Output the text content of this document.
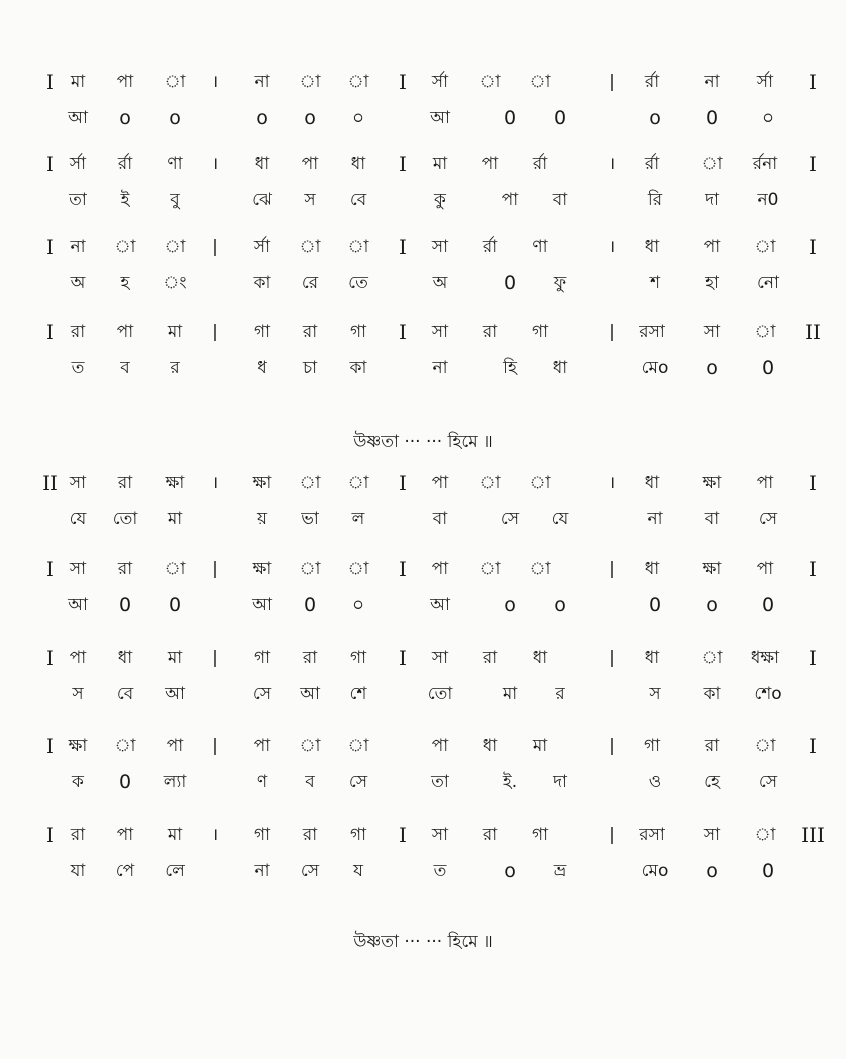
I মা পা া । না া া I র্সা া া	| র্রা	না র্সা I
আ o o	o o ০	আ	0 0	o 0 ০
I র্সা র্রা ণা । ধা পা ধা I মা পা র্রা	। র্রা া র্রনা I
তা ই বু	ঝে স বে	কু	পা বা	রি	দা ন0
I না া া | র্সা া া I সা র্রা ণা	। ধা	পা া I
অ হ ং	কা রে তে	অ	0 ফু	শ	হা নো
I রা পা মা | গা রা গা I সা রা গা	| রসা সা া II
ত ব র	ধ চা কা	না	হি ধা	মেo o 0
উষ্ণতা ··· ··· হিমে ॥
II সা রা ক্ষা । ক্ষা া া I পা া া	। ধা	ক্ষা পা I
যে তো মা	য় ভা ল	বা	সে যে	না বা সে
I সা রা া | ক্ষা া া I পা া া	| ধা	ক্ষা পা I
আ 0 0	আ 0 ০	আ	o o	0 o 0
I পা ধা মা | গা রা গা I সা রা ধা	| ধা া ধক্ষা I
স বে আ	সে আ শে	তো	মা র	স	কা শেo
I ক্ষা া পা | পা া া	পা ধা মা	| গা	রা া I
ক 0 ল্যা	ণ ব সে	তা	ই. দা	ও	হে সে
I রা পা মা । গা রা গা I সা রা গা	| রসা সা া III
যা পে লে	না সে য	ত	o ভ্র	মেo o 0
উষ্ণতা ··· ··· হিমে ॥
